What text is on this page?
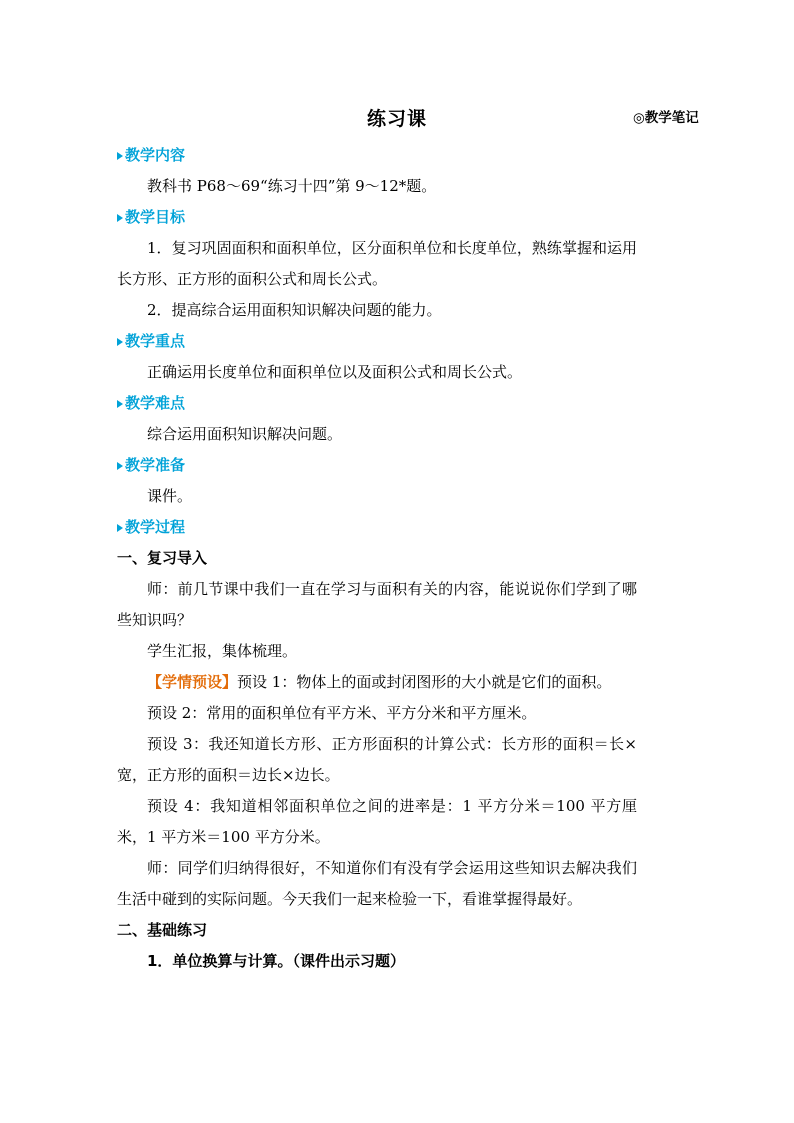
练习课	◎教学笔记
教学内容
教科书 P68～69“练习十四”第 9～12*题。
教学目标
1．复习巩固面积和面积单位，区分面积单位和长度单位，熟练掌握和运用长方形、正方形的面积公式和周长公式。
2．提高综合运用面积知识解决问题的能力。
教学重点
正确运用长度单位和面积单位以及面积公式和周长公式。
教学难点
综合运用面积知识解决问题。
教学准备
课件。
教学过程
一、复习导入
师：前几节课中我们一直在学习与面积有关的内容，能说说你们学到了哪些知识吗？
学生汇报，集体梳理。
【学情预设】预设 1：物体上的面或封闭图形的大小就是它们的面积。
预设 2：常用的面积单位有平方米、平方分米和平方厘米。
预设 3：我还知道长方形、正方形面积的计算公式：长方形的面积＝长×宽，正方形的面积＝边长×边长。
预设 4：我知道相邻面积单位之间的进率是：1 平方分米＝100 平方厘米，1 平方米＝100 平方分米。
师：同学们归纳得很好，不知道你们有没有学会运用这些知识去解决我们生活中碰到的实际问题。今天我们一起来检验一下，看谁掌握得最好。
二、基础练习
1．单位换算与计算。（课件出示习题）
